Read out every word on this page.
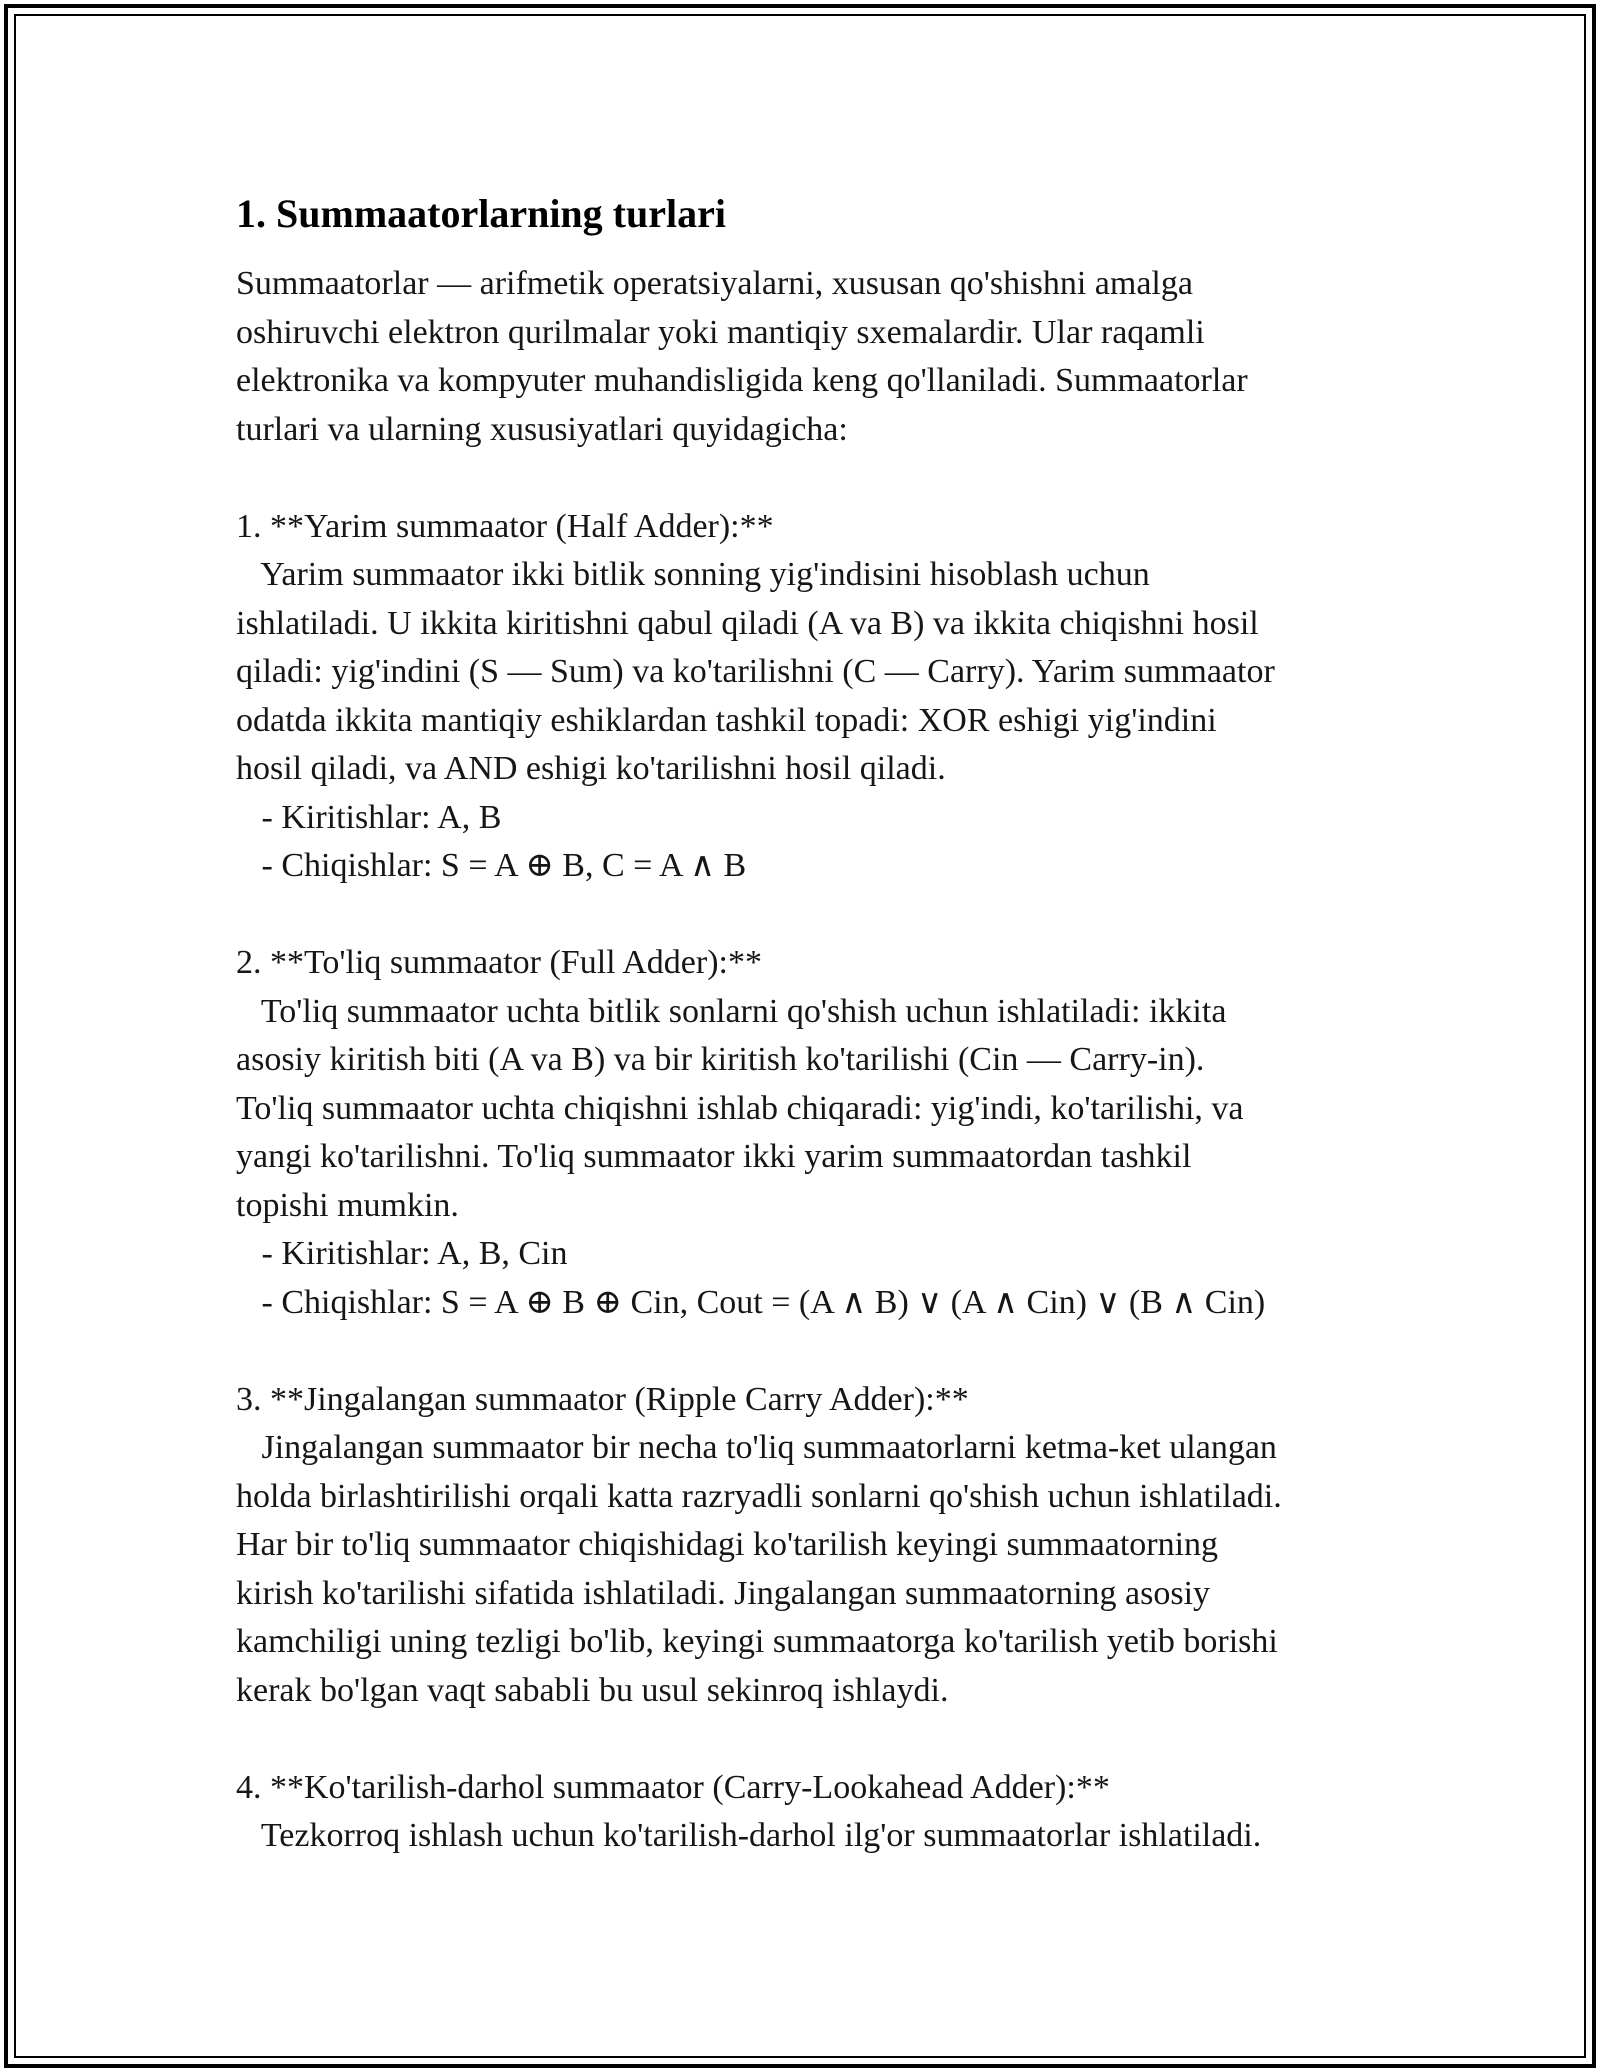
1. Summaatorlarning turlari

Summaatorlar — arifmetik operatsiyalarni, xususan qo'shishni amalga

oshiruvchi elektron qurilmalar yoki mantiqiy sxemalardir. Ular raqamli

elektronika va kompyuter muhandisligida keng qo'llaniladi. Summaatorlar

turlari va ularning xususiyatlari quyidagicha:

1. **Yarim summaator (Half Adder):**

Yarim summaator ikki bitlik sonning yig'indisini hisoblash uchun

ishlatiladi. U ikkita kiritishni qabul qiladi (A va B) va ikkita chiqishni hosil

qiladi: yig'indini (S — Sum) va ko'tarilishni (C — Carry). Yarim summaator

odatda ikkita mantiqiy eshiklardan tashkil topadi: XOR eshigi yig'indini

hosil qiladi, va AND eshigi ko'tarilishni hosil qiladi.

- Kiritishlar: A, B

- Chiqishlar: S = A ⊕ B, C = A ∧ B

2. **To'liq summaator (Full Adder):**

To'liq summaator uchta bitlik sonlarni qo'shish uchun ishlatiladi: ikkita

asosiy kiritish biti (A va B) va bir kiritish ko'tarilishi (Cin — Carry-in).

To'liq summaator uchta chiqishni ishlab chiqaradi: yig'indi, ko'tarilishi, va

yangi ko'tarilishni. To'liq summaator ikki yarim summaatordan tashkil

topishi mumkin.

- Kiritishlar: A, B, Cin

- Chiqishlar: S = A ⊕ B ⊕ Cin, Cout = (A ∧ B) ∨ (A ∧ Cin) ∨ (B ∧ Cin)

3. **Jingalangan summaator (Ripple Carry Adder):**

Jingalangan summaator bir necha to'liq summaatorlarni ketma-ket ulangan

holda birlashtirilishi orqali katta razryadli sonlarni qo'shish uchun ishlatiladi.

Har bir to'liq summaator chiqishidagi ko'tarilish keyingi summaatorning

kirish ko'tarilishi sifatida ishlatiladi. Jingalangan summaatorning asosiy

kamchiligi uning tezligi bo'lib, keyingi summaatorga ko'tarilish yetib borishi

kerak bo'lgan vaqt sababli bu usul sekinroq ishlaydi.

4. **Ko'tarilish-darhol summaator (Carry-Lookahead Adder):**

Tezkorroq ishlash uchun ko'tarilish-darhol ilg'or summaatorlar ishlatiladi.
